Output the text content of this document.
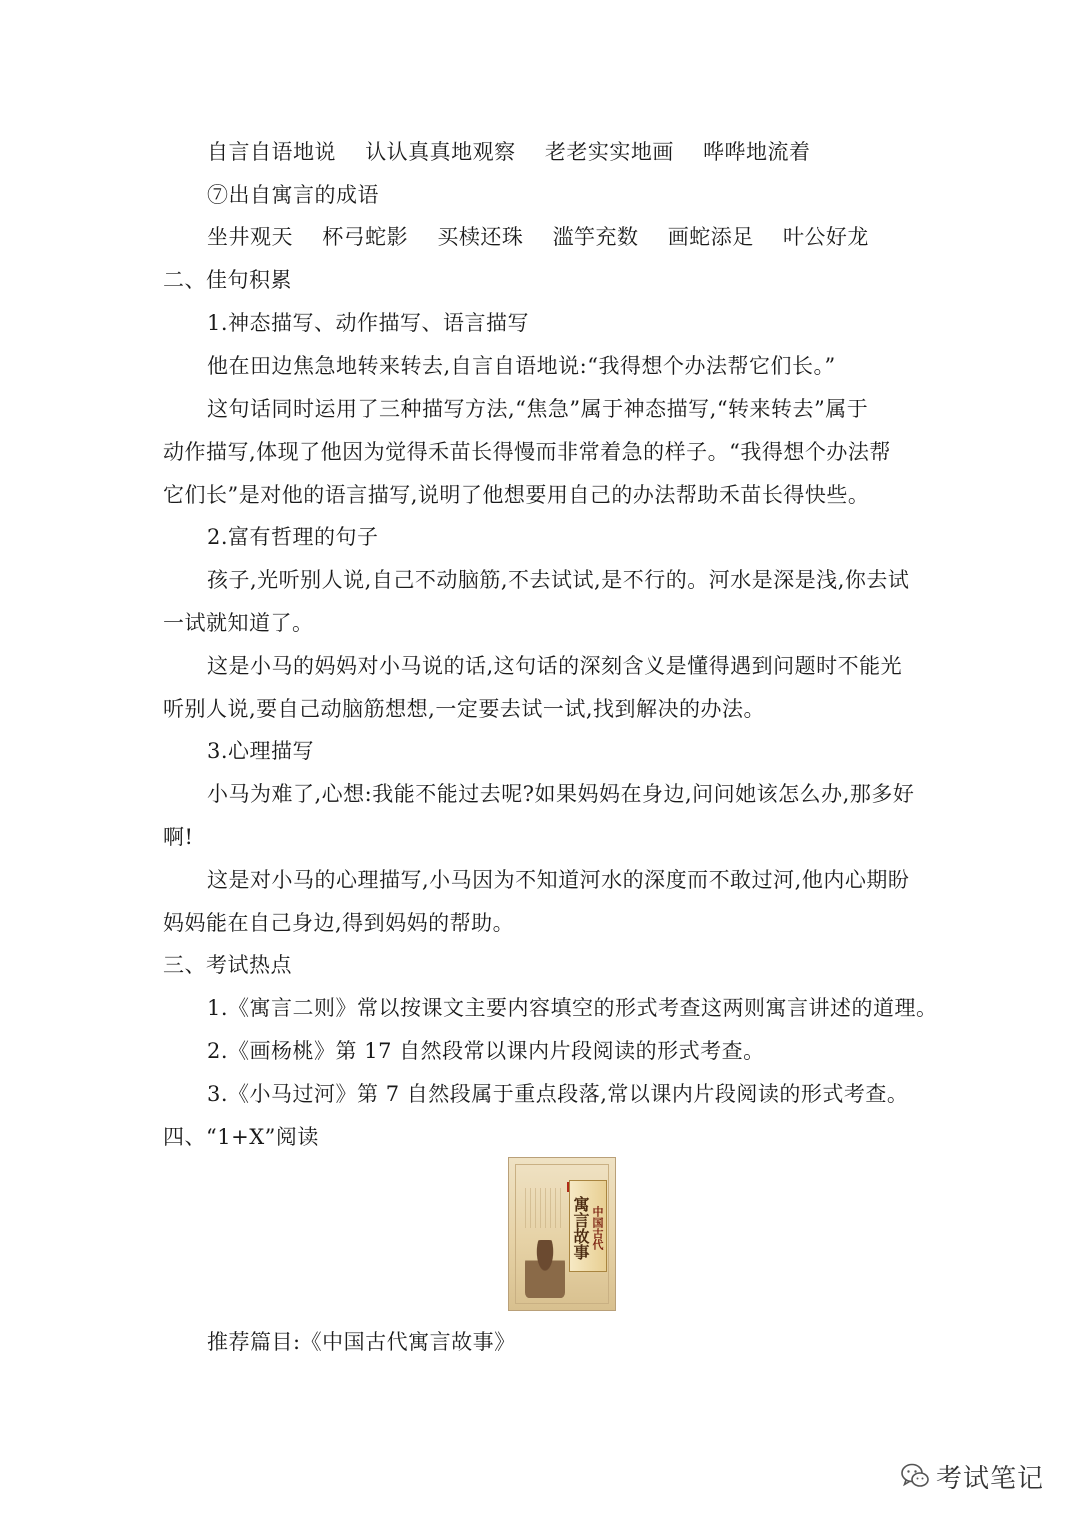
自言自语地说 认认真真地观察 老老实实地画 哗哗地流着
⑦出自寓言的成语
坐井观天 杯弓蛇影 买椟还珠 滥竽充数 画蛇添足 叶公好龙
二、佳句积累
1.神态描写、动作描写、语言描写
他在田边焦急地转来转去,自言自语地说:“我得想个办法帮它们长。”
这句话同时运用了三种描写方法,“焦急”属于神态描写,“转来转去”属于
动作描写,体现了他因为觉得禾苗长得慢而非常着急的样子。“我得想个办法帮
它们长”是对他的语言描写,说明了他想要用自己的办法帮助禾苗长得快些。
2.富有哲理的句子
孩子,光听别人说,自己不动脑筋,不去试试,是不行的。河水是深是浅,你去试
一试就知道了。
这是小马的妈妈对小马说的话,这句话的深刻含义是懂得遇到问题时不能光
听别人说,要自己动脑筋想想,一定要去试一试,找到解决的办法。
3.心理描写
小马为难了,心想:我能不能过去呢?如果妈妈在身边,问问她该怎么办,那多好
啊!
这是对小马的心理描写,小马因为不知道河水的深度而不敢过河,他内心期盼
妈妈能在自己身边,得到妈妈的帮助。
三、考试热点
1.《寓言二则》常以按课文主要内容填空的形式考查这两则寓言讲述的道理。
2.《画杨桃》第 17 自然段常以课内片段阅读的形式考查。
3.《小马过河》第 7 自然段属于重点段落,常以课内片段阅读的形式考查。
四、“1+X”阅读
中国古代
寓言故事
推荐篇目:《中国古代寓言故事》
考试笔记
